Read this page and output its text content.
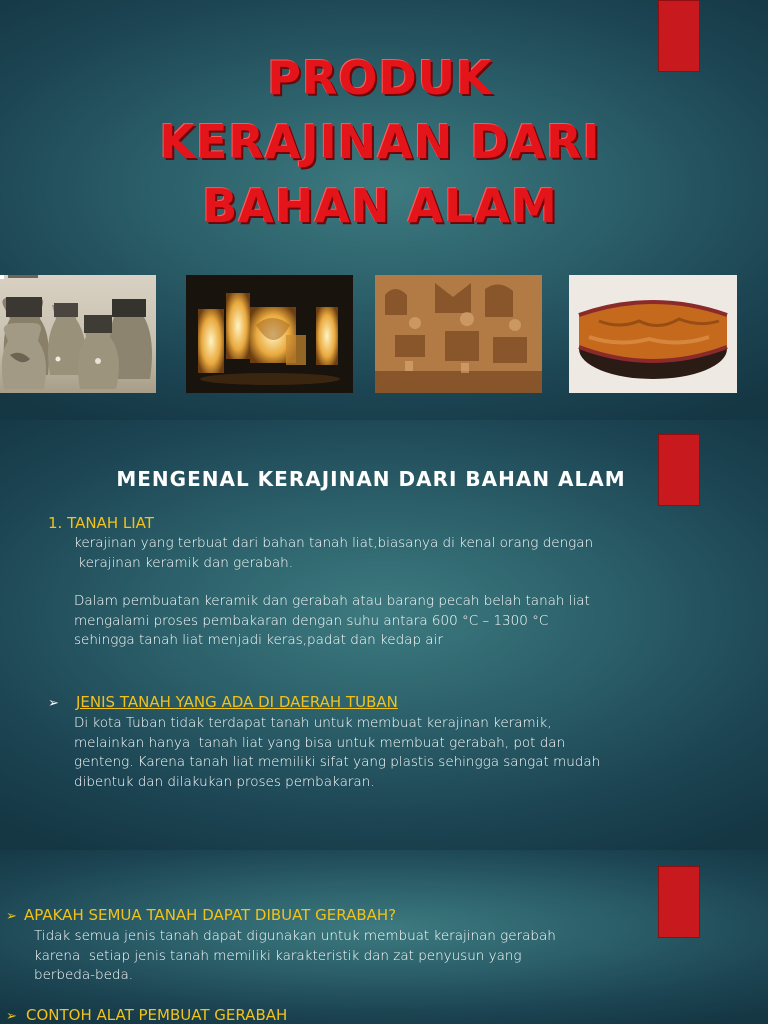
PRODUK
KERAJINAN DARI
BAHAN ALAM
MENGENAL KERAJINAN DARI BAHAN ALAM
1. TANAH LIAT
kerajinan yang terbuat dari bahan tanah liat,biasanya di kenal orang dengan
kerajinan keramik dan gerabah.
Dalam pembuatan keramik dan gerabah atau barang pecah belah tanah liat
mengalami proses pembakaran dengan suhu antara 600 °C – 1300 °C
sehingga tanah liat menjadi keras,padat dan kedap air
➢ JENIS TANAH YANG ADA DI DAERAH TUBAN
Di kota Tuban tidak terdapat tanah untuk membuat kerajinan keramik,
melainkan hanya  tanah liat yang bisa untuk membuat gerabah, pot dan
genteng. Karena tanah liat memiliki sifat yang plastis sehingga sangat mudah
dibentuk dan dilakukan proses pembakaran.
➢ APAKAH SEMUA TANAH DAPAT DIBUAT GERABAH?
Tidak semua jenis tanah dapat digunakan untuk membuat kerajinan gerabah
karena  setiap jenis tanah memiliki karakteristik dan zat penyusun yang
berbeda-beda.
➢ CONTOH ALAT PEMBUAT GERABAH
